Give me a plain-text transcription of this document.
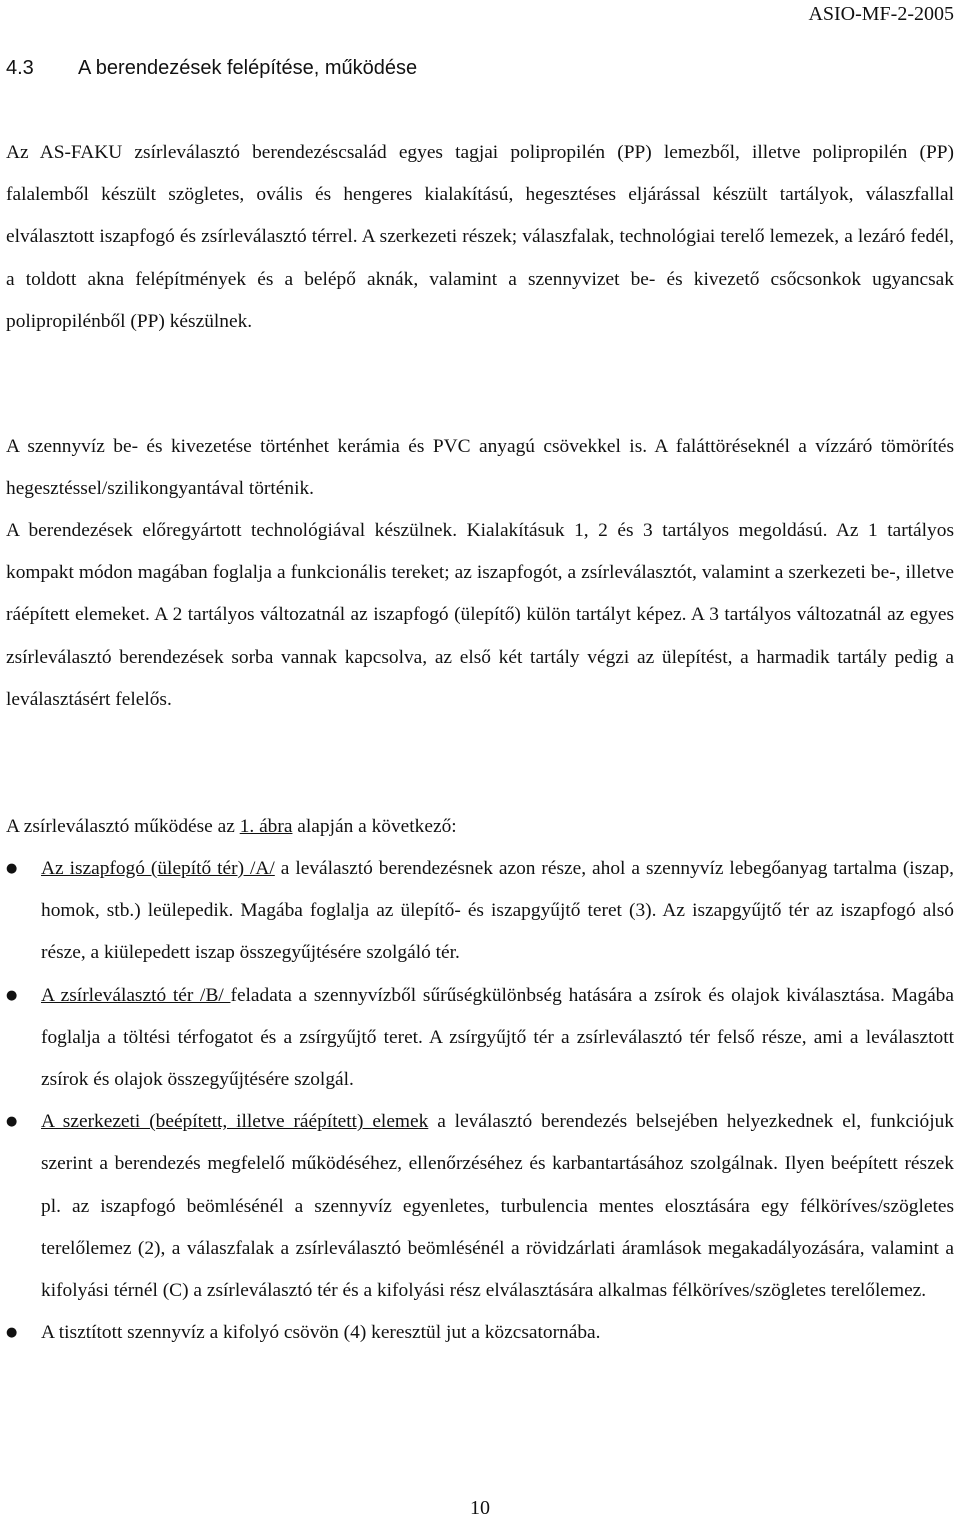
ASIO-MF-2-2005
4.3 A berendezések felépítése, működése

Az AS-FAKU zsírleválasztó berendezéscsalád egyes tagjai polipropilén (PP) lemezből, illetve polipropilén (PP) falalemből készült szögletes, ovális és hengeres kialakítású, hegesztéses eljárással készült tartályok, válaszfallal elválasztott iszapfogó és zsírleválasztó térrel. A szerkezeti részek; válaszfalak, technológiai terelő lemezek, a lezáró fedél, a toldott akna felépítmények és a belépő aknák, valamint a szennyvizet be- és kivezető csőcsonkok ugyancsak polipropilénből (PP) készülnek.

A szennyvíz be- és kivezetése történhet kerámia és PVC anyagú csövekkel is. A faláttöréseknél a vízzáró tömörítés hegesztéssel/szilikongyantával történik.

A berendezések előregyártott technológiával készülnek. Kialakításuk 1, 2 és 3 tartályos megoldású. Az 1 tartályos kompakt módon magában foglalja a funkcionális tereket; az iszapfogót, a zsírleválasztót, valamint a szerkezeti be-, illetve ráépített elemeket. A 2 tartályos változatnál az iszapfogó (ülepítő) külön tartályt képez. A 3 tartályos változatnál az egyes zsírleválasztó berendezések sorba vannak kapcsolva, az első két tartály végzi az ülepítést, a harmadik tartály pedig a leválasztásért felelős.

A zsírleválasztó működése az 1. ábra alapján a következő:

●	Az iszapfogó (ülepítő tér) /A/ a leválasztó berendezésnek azon része, ahol a szennyvíz lebegőanyag tartalma (iszap, homok, stb.) leülepedik. Magába foglalja az ülepítő- és iszapgyűjtő teret (3). Az iszapgyűjtő tér az iszapfogó alsó része, a kiülepedett iszap összegyűjtésére szolgáló tér.
●	A zsírleválasztó tér /B/ feladata a szennyvízből sűrűségkülönbség hatására a zsírok és olajok kiválasztása. Magába foglalja a töltési térfogatot és a zsírgyűjtő teret. A zsírgyűjtő tér a zsírleválasztó tér felső része, ami a leválasztott zsírok és olajok összegyűjtésére szolgál.
●	A szerkezeti (beépített, illetve ráépített) elemek a leválasztó berendezés belsejében helyezkednek el, funkciójuk szerint a berendezés megfelelő működéséhez, ellenőrzéséhez és karbantartásához szolgálnak. Ilyen beépített részek pl. az iszapfogó beömlésénél a szennyvíz egyenletes, turbulencia mentes elosztására egy félköríves/szögletes terelőlemez (2), a válaszfalak a zsírleválasztó beömlésénél a rövidzárlati áramlások megakadályozására, valamint a kifolyási térnél (C) a zsírleválasztó tér és a kifolyási rész elválasztására alkalmas félköríves/szögletes terelőlemez.
●	A tisztított szennyvíz a kifolyó csövön (4) keresztül jut a közcsatornába.
10
